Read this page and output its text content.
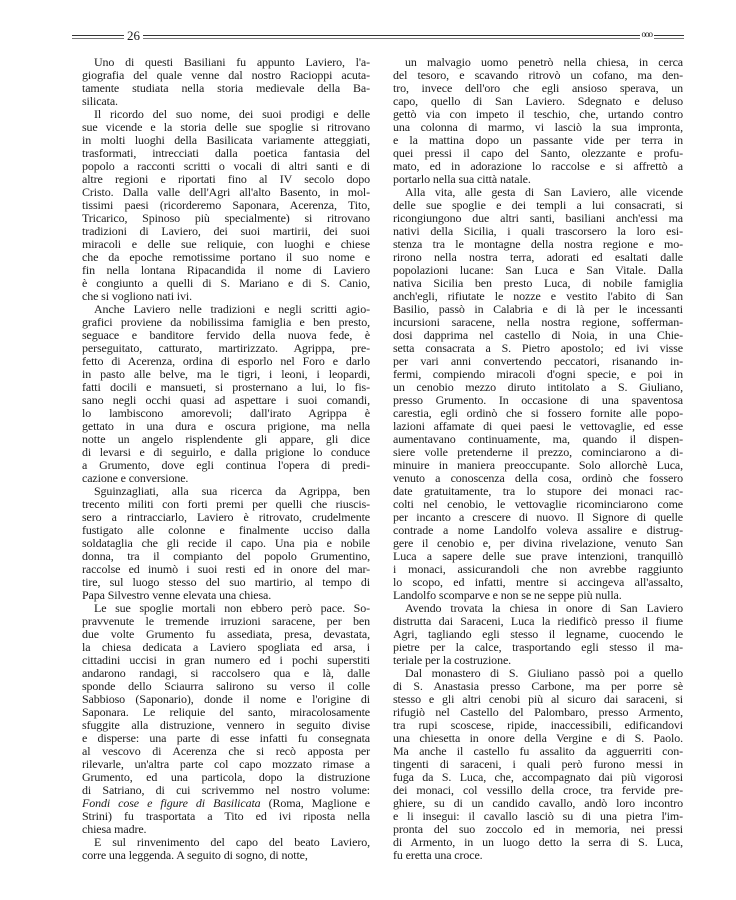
26	ooo
Uno di questi Basiliani fu appunto Laviero, l'a-
giografia del quale venne dal nostro Racioppi acuta-
tamente studiata nella storia medievale della Ba-
silicata.
Il ricordo del suo nome, dei suoi prodigi e delle
sue vicende e la storia delle sue spoglie si ritrovano
in molti luoghi della Basilicata variamente atteggiati,
trasformati, intrecciati dalla poetica fantasia del
popolo a racconti scritti o vocali di altri santi e di
altre regioni e riportati fino al IV secolo dopo
Cristo. Dalla valle dell'Agri all'alto Basento, in mol-
tissimi paesi (ricorderemo Saponara, Acerenza, Tito,
Tricarico, Spinoso più specialmente) si ritrovano
tradizioni di Laviero, dei suoi martirii, dei suoi
miracoli e delle sue reliquie, con luoghi e chiese
che da epoche remotissime portano il suo nome e
fin nella lontana Ripacandida il nome di Laviero
è congiunto a quelli di S. Mariano e di S. Canio,
che si vogliono nati ivi.
Anche Laviero nelle tradizioni e negli scritti agio-
grafici proviene da nobilissima famiglia e ben presto,
seguace e banditore fervido della nuova fede, è
perseguitato, catturato, martirizzato. Agrippa, pre-
fetto di Acerenza, ordina di esporlo nel Foro e darlo
in pasto alle belve, ma le tigri, i leoni, i leopardi,
fatti docili e mansueti, si prosternano a lui, lo fis-
sano negli occhi quasi ad aspettare i suoi comandi,
lo lambiscono amorevoli; dall'irato Agrippa è
gettato in una dura e oscura prigione, ma nella
notte un angelo risplendente gli appare, gli dice
di levarsi e di seguirlo, e dalla prigione lo conduce
a Grumento, dove egli continua l'opera di predi-
cazione e conversione.
Sguinzagliati, alla sua ricerca da Agrippa, ben
trecento militi con forti premi per quelli che riuscis-
sero a rintracciarlo, Laviero è ritrovato, crudelmente
fustigato alle colonne e finalmente ucciso dalla
soldataglia che gli recide il capo. Una pia e nobile
donna, tra il compianto del popolo Grumentino,
raccolse ed inumò i suoi resti ed in onore del mar-
tire, sul luogo stesso del suo martirio, al tempo di
Papa Silvestro venne elevata una chiesa.
Le sue spoglie mortali non ebbero però pace. So-
pravvenute le tremende irruzioni saracene, per ben
due volte Grumento fu assediata, presa, devastata,
la chiesa dedicata a Laviero spogliata ed arsa, i
cittadini uccisi in gran numero ed i pochi superstiti
andarono randagi, si raccolsero qua e là, dalle
sponde dello Sciaurra salirono su verso il colle
Sabbioso (Saponario), donde il nome e l'origine di
Saponara. Le reliquie del santo, miracolosamente
sfuggite alla distruzione, vennero in seguito divise
e disperse: una parte di esse infatti fu consegnata
al vescovo di Acerenza che si recò apposta per
rilevarle, un'altra parte col capo mozzato rimase a
Grumento, ed una particola, dopo la distruzione
di Satriano, di cui scrivemmo nel nostro volume:
Fondi cose e figure di Basilicata (Roma, Maglione e
Strini) fu trasportata a Tito ed ivi riposta nella
chiesa madre.
E sul rinvenimento del capo del beato Laviero,
corre una leggenda. A seguito di sogno, di notte,
un malvagio uomo penetrò nella chiesa, in cerca
del tesoro, e scavando ritrovò un cofano, ma den-
tro, invece dell'oro che egli ansioso sperava, un
capo, quello di San Laviero. Sdegnato e deluso
gettò via con impeto il teschio, che, urtando contro
una colonna di marmo, vi lasciò la sua impronta,
e la mattina dopo un passante vide per terra in
quei pressi il capo del Santo, olezzante e profu-
mato, ed in adorazione lo raccolse e si affrettò a
portarlo nella sua città natale.
Alla vita, alle gesta di San Laviero, alle vicende
delle sue spoglie e dei templi a lui consacrati, si
ricongiungono due altri santi, basiliani anch'essi ma
nativi della Sicilia, i quali trascorsero la loro esi-
stenza tra le montagne della nostra regione e mo-
rirono nella nostra terra, adorati ed esaltati dalle
popolazioni lucane: San Luca e San Vitale. Dalla
nativa Sicilia ben presto Luca, di nobile famiglia
anch'egli, rifiutate le nozze e vestito l'abito di San
Basilio, passò in Calabria e di là per le incessanti
incursioni saracene, nella nostra regione, sofferman-
dosi dapprima nel castello di Noia, in una Chie-
setta consacrata a S. Pietro apostolo; ed ivi visse
per vari anni convertendo peccatori, risanando in-
fermi, compiendo miracoli d'ogni specie, e poi in
un cenobio mezzo diruto intitolato a S. Giuliano,
presso Grumento. In occasione di una spaventosa
carestia, egli ordinò che si fossero fornite alle popo-
lazioni affamate di quei paesi le vettovaglie, ed esse
aumentavano continuamente, ma, quando il dispen-
siere volle pretenderne il prezzo, cominciarono a di-
minuire in maniera preoccupante. Solo allorchè Luca,
venuto a conoscenza della cosa, ordinò che fossero
date gratuitamente, tra lo stupore dei monaci rac-
colti nel cenobio, le vettovaglie ricominciarono come
per incanto a crescere di nuovo. Il Signore di quelle
contrade a nome Landolfo voleva assalire e distrug-
gere il cenobio e, per divina rivelazione, venuto San
Luca a sapere delle sue prave intenzioni, tranquillò
i monaci, assicurandoli che non avrebbe raggiunto
lo scopo, ed infatti, mentre si accingeva all'assalto,
Landolfo scomparve e non se ne seppe più nulla.
Avendo trovata la chiesa in onore di San Laviero
distrutta dai Saraceni, Luca la riedificò presso il fiume
Agri, tagliando egli stesso il legname, cuocendo le
pietre per la calce, trasportando egli stesso il ma-
teriale per la costruzione.
Dal monastero di S. Giuliano passò poi a quello
di S. Anastasia presso Carbone, ma per porre sè
stesso e gli altri cenobi più al sicuro dai saraceni, si
rifugiò nel Castello del Palombaro, presso Armento,
tra rupi scoscese, ripide, inaccessibili, edificandovi
una chiesetta in onore della Vergine e di S. Paolo.
Ma anche il castello fu assalito da agguerriti con-
tingenti di saraceni, i quali però furono messi in
fuga da S. Luca, che, accompagnato dai più vigorosi
dei monaci, col vessillo della croce, tra fervide pre-
ghiere, su di un candido cavallo, andò loro incontro
e li insegui: il cavallo lasciò su di una pietra l'im-
pronta del suo zoccolo ed in memoria, nei pressi
di Armento, in un luogo detto la serra di S. Luca,
fu eretta una croce.
